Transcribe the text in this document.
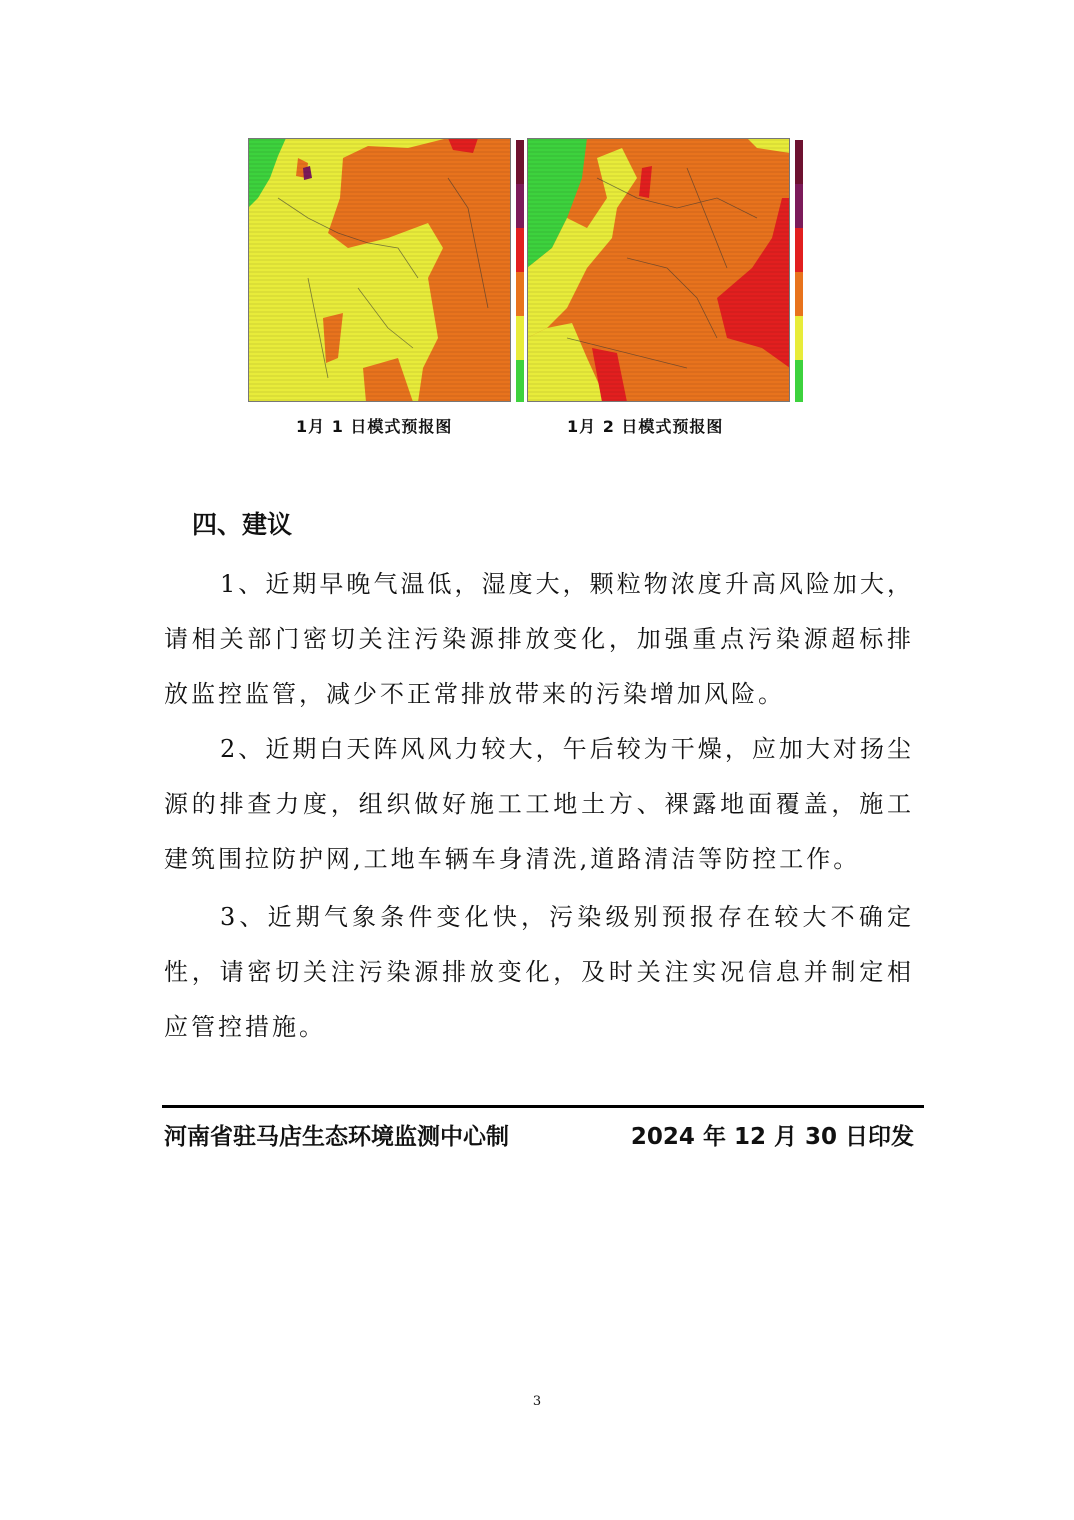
1月 1 日模式预报图	1月 2 日模式预报图
四、建议
1、近期早晚气温低，湿度大，颗粒物浓度升高风险加大，请相关部门密切关注污染源排放变化，加强重点污染源超标排放监控监管，减少不正常排放带来的污染增加风险。
2、近期白天阵风风力较大，午后较为干燥，应加大对扬尘源的排查力度，组织做好施工工地土方、裸露地面覆盖，施工建筑围拉防护网,工地车辆车身清洗,道路清洁等防控工作。
3、近期气象条件变化快，污染级别预报存在较大不确定性，请密切关注污染源排放变化，及时关注实况信息并制定相应管控措施。
河南省驻马店生态环境监测中心制	2024 年 12 月 30 日印发
3
